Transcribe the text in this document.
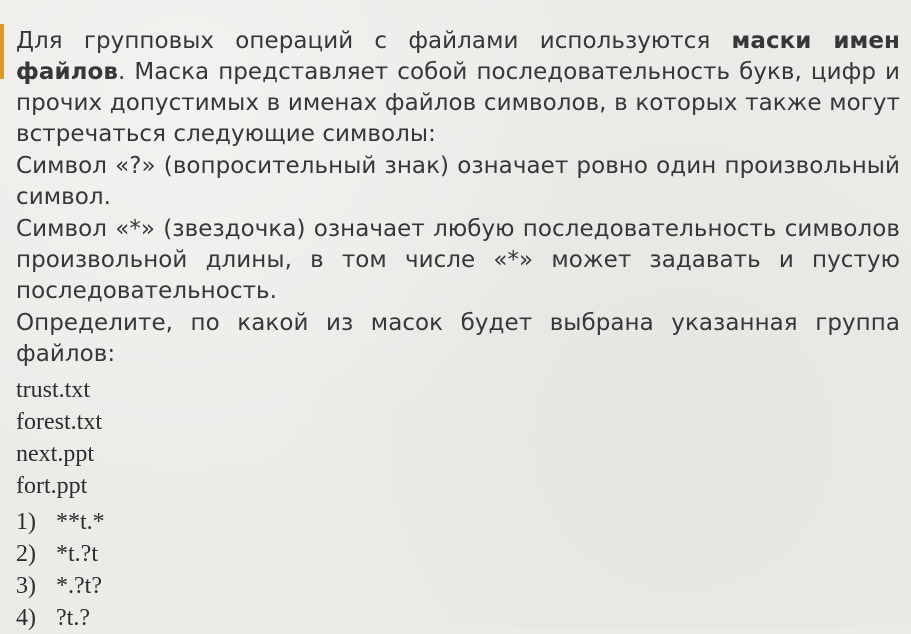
Для групповых операций с файлами используются маски имен файлов. Маска представляет собой последовательность букв, цифр и прочих допустимых в именах файлов символов, в которых также могут встречаться следующие символы:

Символ «?» (вопросительный знак) означает ровно один произвольный символ.

Символ «*» (звездочка) означает любую последовательность символов произвольной длины, в том числе «*» может задавать и пустую последовательность.

Определите, по какой из масок будет выбрана указанная группа файлов:

trust.txt
forest.txt
next.ppt
fort.ppt
1) **t.*
2) *t.?t
3) *.?t?
4) ?t.?
